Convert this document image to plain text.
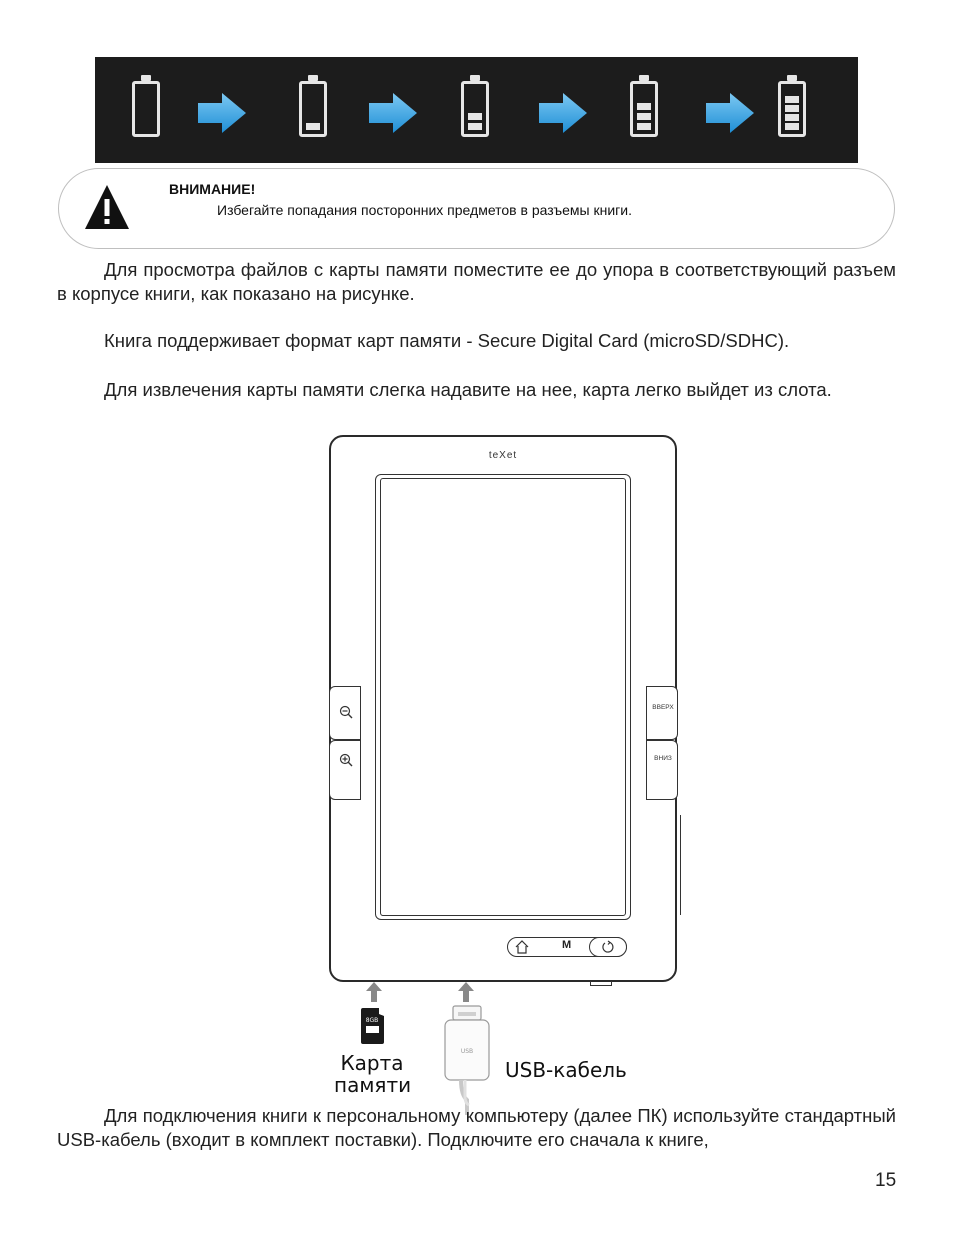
ВНИМАНИЕ!
Избегайте попадания посторонних предметов в разъемы книги.
Для просмотра файлов с карты памяти поместите ее до упора в соответствующий разъем в корпусе книги, как показано на рисунке.
Книга поддерживает формат карт памяти - Secure Digital Card (microSD/SDHC).
Для извлечения карты памяти слегка надавите на нее, карта легко выйдет из слота.
teXet
ВВЕРХ
ВНИЗ
M
8GB
Карта
памяти
USB
USB-кабель
Для подключения книги к персональному компьютеру (далее ПК) используйте стандартный USB-кабель (входит в комплект поставки). Подключите его сначала к книге,
15
